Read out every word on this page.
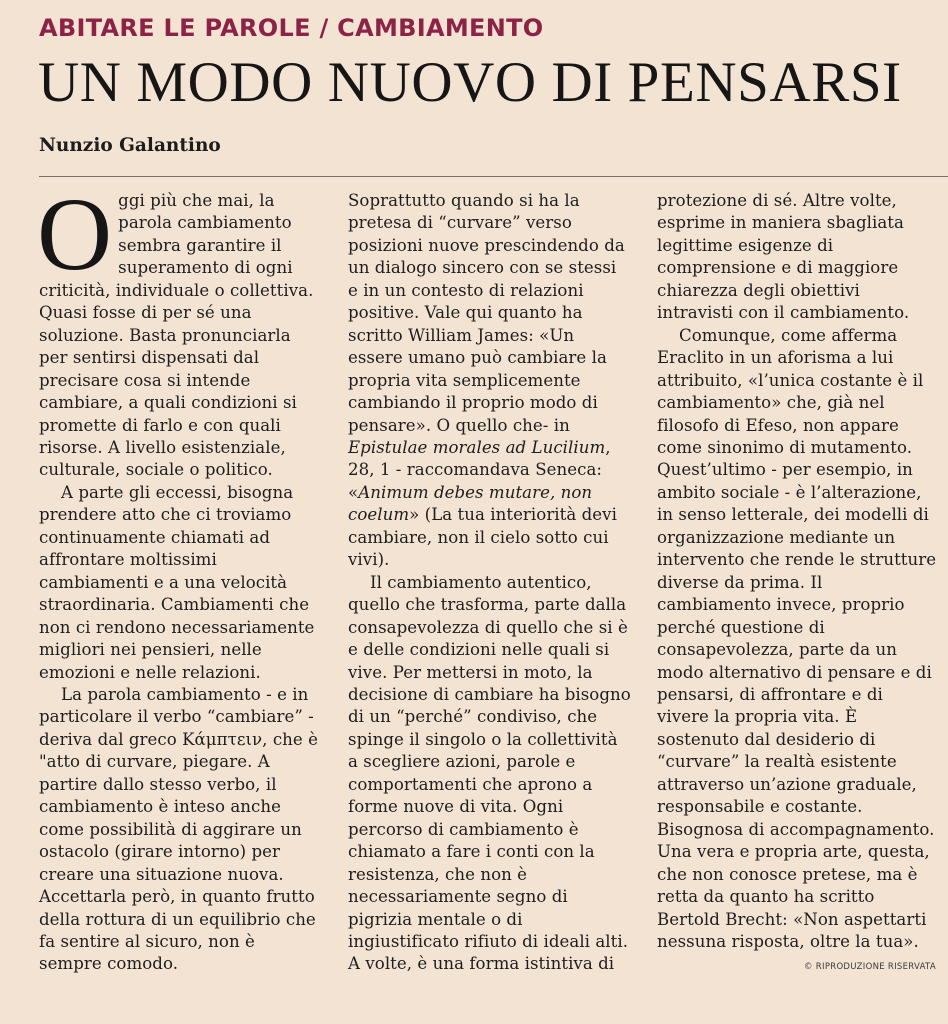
ABITARE LE PAROLE / CAMBIAMENTO
UN MODO NUOVO DI PENSARSI
Nunzio Galantino

Oggi più che mai, la parola cambiamento sembra garantire il superamento di ogni criticità, individuale o collettiva. Quasi fosse di per sé una soluzione. Basta pronunciarla per sentirsi dispensati dal precisare cosa si intende cambiare, a quali condizioni si promette di farlo e con quali risorse. A livello esistenziale, culturale, sociale o politico.

A parte gli eccessi, bisogna prendere atto che ci troviamo continuamente chiamati ad affrontare moltissimi cambiamenti e a una velocità straordinaria. Cambiamenti che non ci rendono necessariamente migliori nei pensieri, nelle emozioni e nelle relazioni.

La parola cambiamento - e in particolare il verbo “cambiare” - deriva dal greco Κάμπτειν, che è "atto di curvare, piegare. A partire dallo stesso verbo, il cambiamento è inteso anche come possibilità di aggirare un ostacolo (girare intorno) per creare una situazione nuova. Accettarla però, in quanto frutto della rottura di un equilibrio che fa sentire al sicuro, non è sempre comodo.

Soprattutto quando si ha la pretesa di “curvare” verso posizioni nuove prescindendo da un dialogo sincero con se stessi e in un contesto di relazioni positive. Vale qui quanto ha scritto William James: «Un essere umano può cambiare la propria vita semplicemente cambiando il proprio modo di pensare». O quello che- in Epistulae morales ad Lucilium, 28, 1 - raccomandava Seneca: «Animum debes mutare, non coelum» (La tua interiorità devi cambiare, non il cielo sotto cui vivi).

Il cambiamento autentico, quello che trasforma, parte dalla consapevolezza di quello che si è e delle condizioni nelle quali si vive. Per mettersi in moto, la decisione di cambiare ha bisogno di un “perché” condiviso, che spinge il singolo o la collettività a scegliere azioni, parole e comportamenti che aprono a forme nuove di vita. Ogni percorso di cambiamento è chiamato a fare i conti con la resistenza, che non è necessariamente segno di pigrizia mentale o di ingiustificato rifiuto di ideali alti. A volte, è una forma istintiva di

protezione di sé. Altre volte, esprime in maniera sbagliata legittime esigenze di comprensione e di maggiore chiarezza degli obiettivi intravisti con il cambiamento.

Comunque, come afferma Eraclito in un aforisma a lui attribuito, «l’unica costante è il cambiamento» che, già nel filosofo di Efeso, non appare come sinonimo di mutamento. Quest’ultimo - per esempio, in ambito sociale - è l’alterazione, in senso letterale, dei modelli di organizzazione mediante un intervento che rende le strutture diverse da prima. Il cambiamento invece, proprio perché questione di consapevolezza, parte da un modo alternativo di pensare e di pensarsi, di affrontare e di vivere la propria vita. È sostenuto dal desiderio di “curvare” la realtà esistente attraverso un’azione graduale, responsabile e costante. Bisognosa di accompagnamento. Una vera e propria arte, questa, che non conosce pretese, ma è retta da quanto ha scritto Bertold Brecht: «Non aspettarti nessuna risposta, oltre la tua».

© RIPRODUZIONE RISERVATA
